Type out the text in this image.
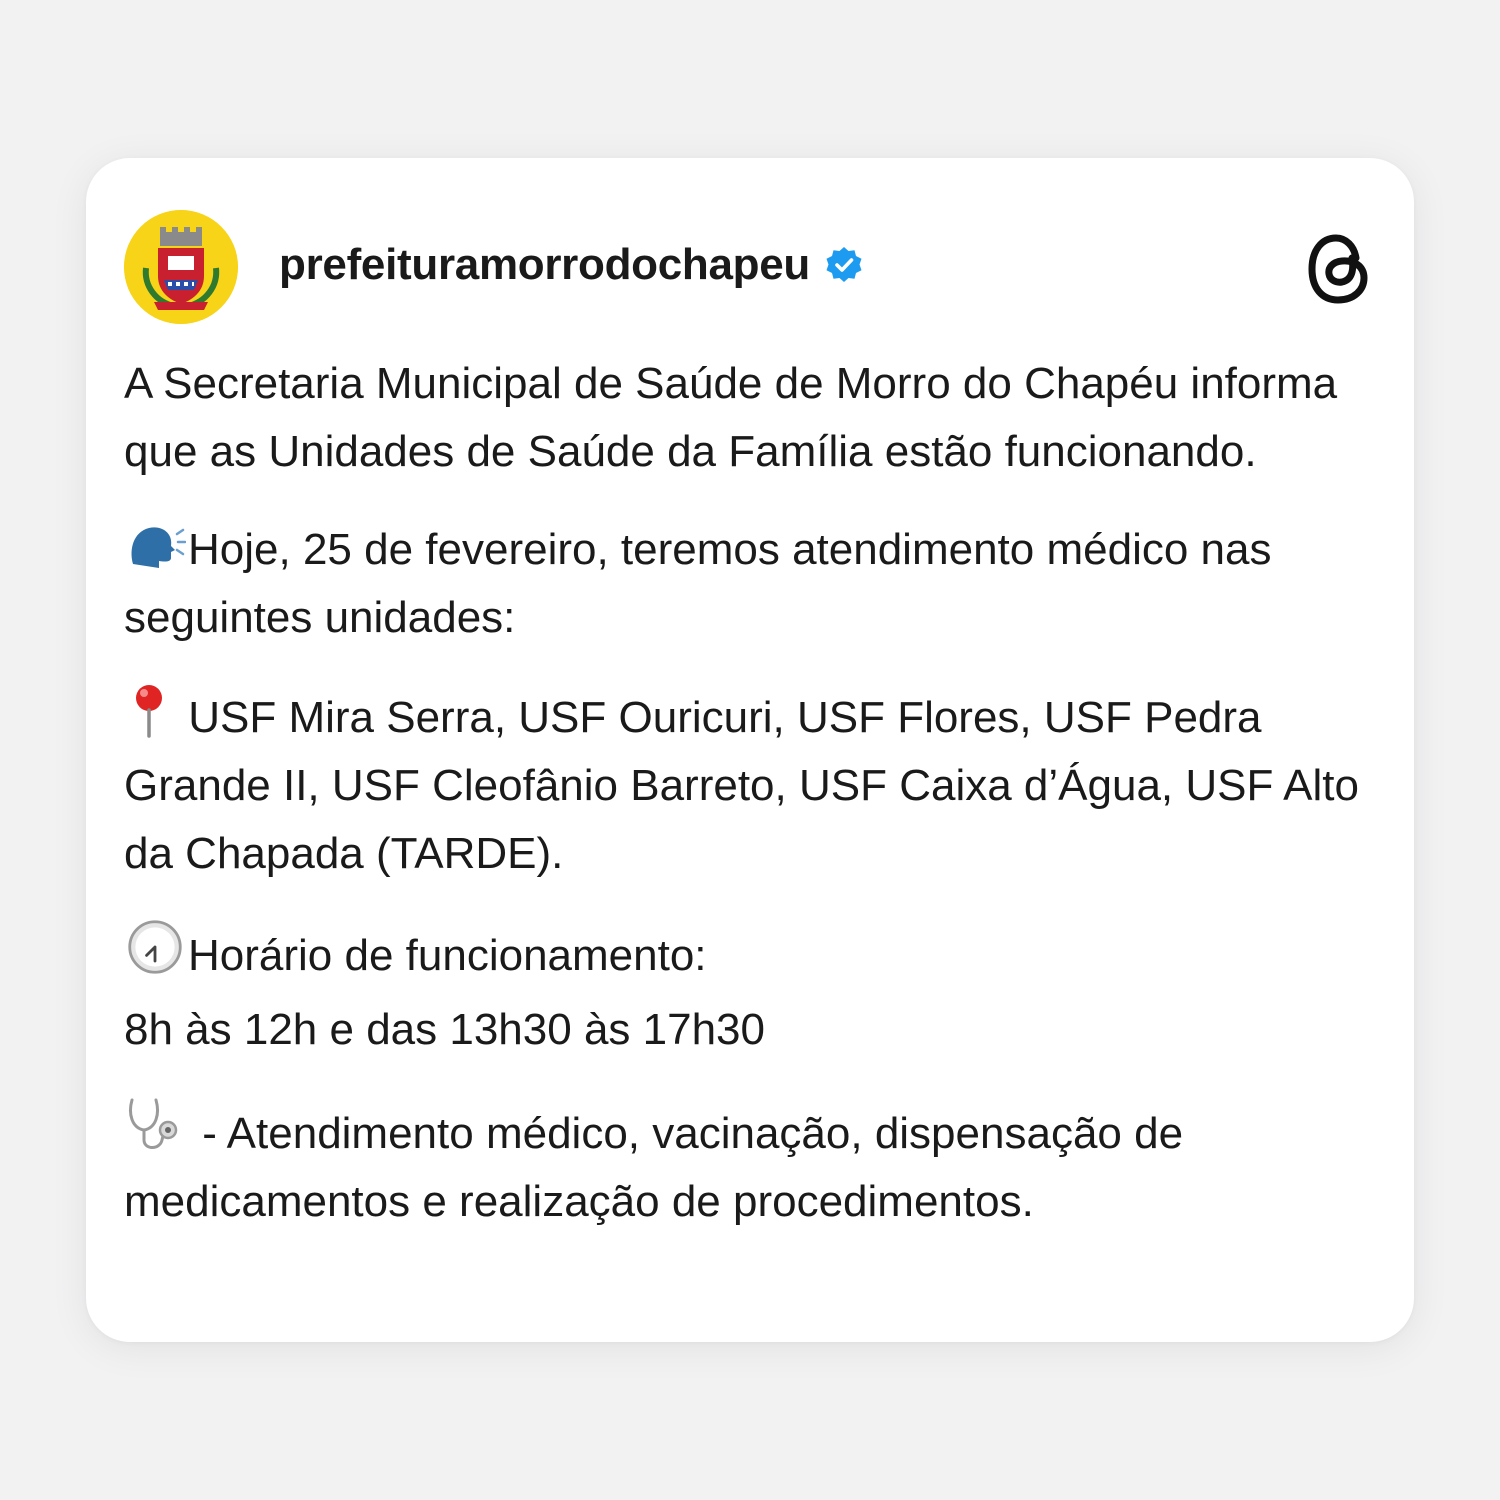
prefeituramorrodochapeu

A Secretaria Municipal de Saúde de Morro do Chapéu informa que as Unidades de Saúde da Família estão funcionando.

Hoje, 25 de fevereiro, teremos atendimento médico nas seguintes unidades:

USF Mira Serra, USF Ouricuri, USF Flores, USF Pedra Grande II, USF Cleofânio Barreto, USF Caixa d’Água, USF Alto da Chapada (TARDE).

Horário de funcionamento:
8h às 12h e das 13h30 às 17h30

- Atendimento médico, vacinação, dispensação de medicamentos e realização de procedimentos.
